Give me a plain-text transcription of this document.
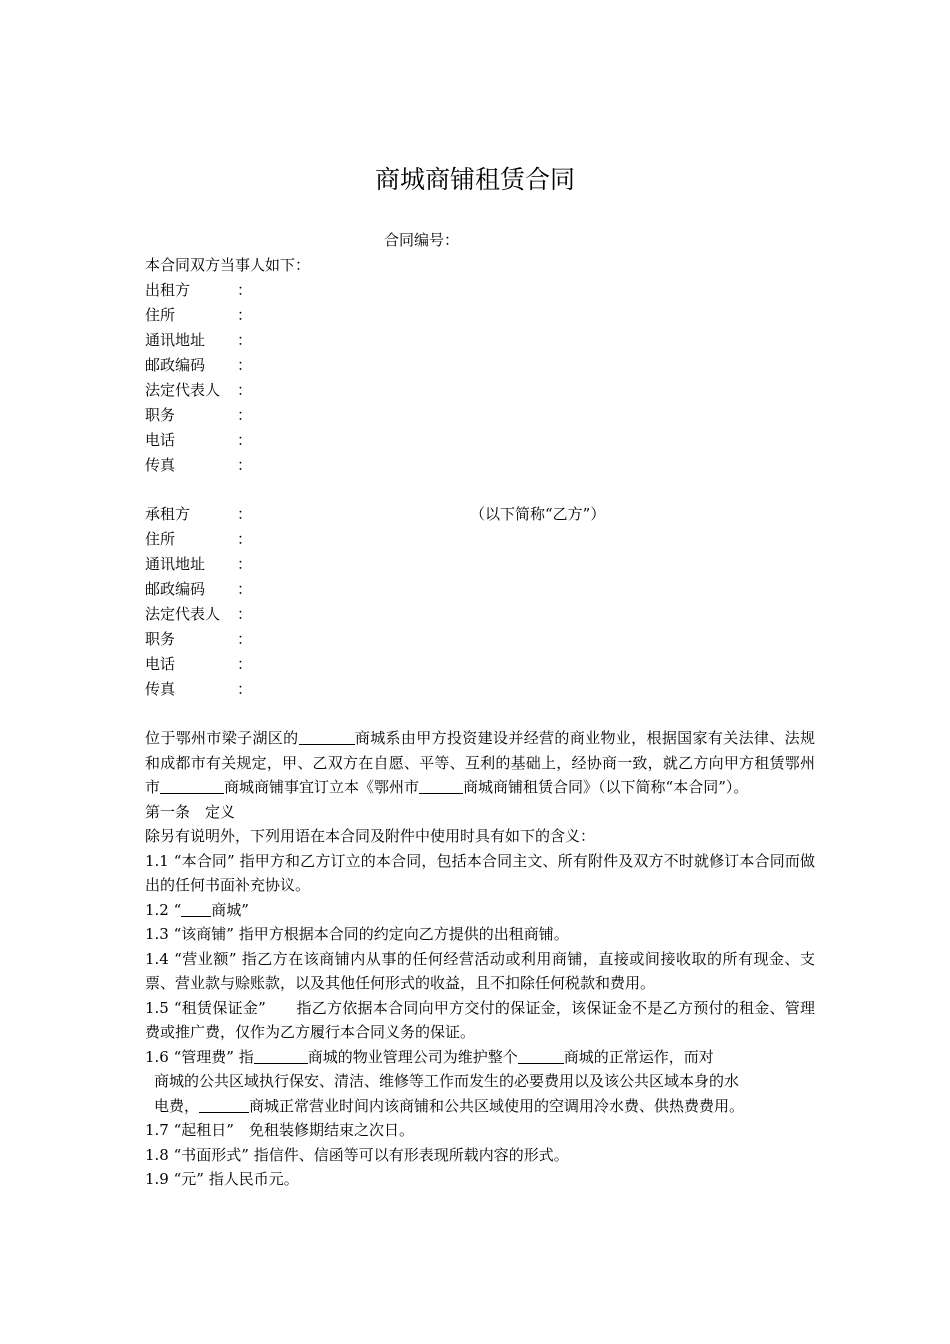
商城商铺租赁合同
合同编号：
本合同双方当事人如下：
出租方	：
住所	：
通讯地址 ：
邮政编码 ：
法定代表人 ：
职务	：
电话	：
传真	：
承租方	：	（以下简称“乙方”）
住所	：
通讯地址 ：
邮政编码 ：
法定代表人 ：
职务	：
电话	：
传真	：
位于鄂州市梁子湖区的	商城系由甲方投资建设并经营的商业物业，根据国家有关法律、法规和成都市有关规定，甲、乙双方在自愿、平等、互利的基础上，经协商一致，就乙方向甲方租赁鄂州市	商城商铺事宜订立本《鄂州市	商城商铺租赁合同》（以下简称“本合同”）。
第一条　定义
除另有说明外，下列用语在本合同及附件中使用时具有如下的含义：
1.1 “本合同” 指甲方和乙方订立的本合同，包括本合同主文、所有附件及双方不时就修订本合同而做出的任何书面补充协议。
1.2 “ 商城”
1.3 “该商铺” 指甲方根据本合同的约定向乙方提供的出租商铺。
1.4 “营业额” 指乙方在该商铺内从事的任何经营活动或利用商铺，直接或间接收取的所有现金、支票、营业款与赊账款，以及其他任何形式的收益，且不扣除任何税款和费用。
1.5 “租赁保证金”　　指乙方依据本合同向甲方交付的保证金，该保证金不是乙方预付的租金、管理费或推广费，仅作为乙方履行本合同义务的保证。
1.6 “管理费” 指	商城的物业管理公司为维护整个	商城的正常运作，而对
商城的公共区域执行保安、清洁、维修等工作而发生的必要费用以及该公共区域本身的水
电费，	商城正常营业时间内该商铺和公共区域使用的空调用冷水费、供热费费用。
1.7 “起租日”　免租装修期结束之次日。
1.8 “书面形式” 指信件、信函等可以有形表现所载内容的形式。
1.9 “元” 指人民币元。
